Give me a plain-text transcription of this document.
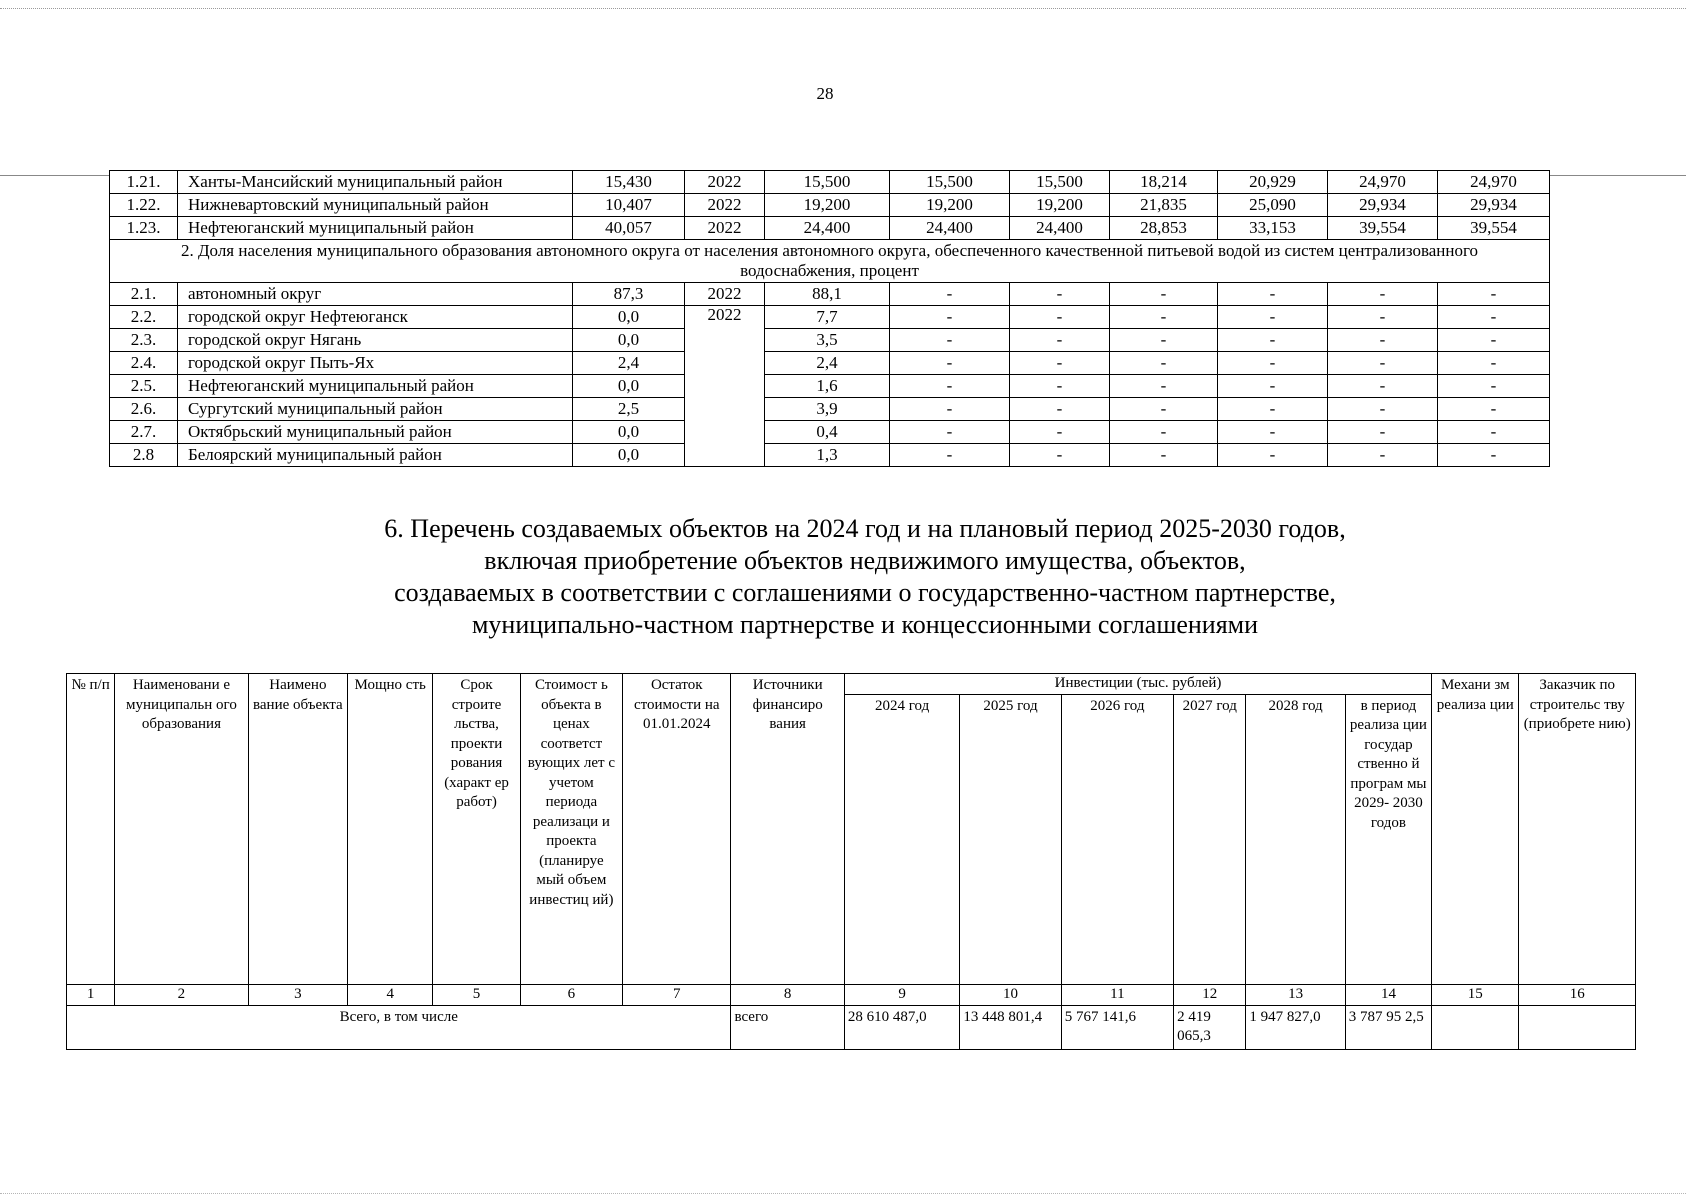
28
1.21.	Ханты-Мансийский муниципальный район	15,430	2022	15,500	15,500	15,500	18,214	20,929	24,970	24,970
1.22.	Нижневартовский муниципальный район	10,407	2022	19,200	19,200	19,200	21,835	25,090	29,934	29,934
1.23.	Нефтеюганский муниципальный район	40,057	2022	24,400	24,400	24,400	28,853	33,153	39,554	39,554
2. Доля населения муниципального образования автономного округа от населения автономного округа, обеспеченного качественной питьевой водой из систем централизованного водоснабжения, процент										
2.1.	автономный округ	87,3	2022	88,1	-	-	-	-	-	-
2.2.	городской округ Нефтеюганск	0,0	2022	7,7	-	-	-	-	-	-
2.3.	городской округ Нягань	0,0		3,5	-	-	-	-	-	-
2.4.	городской округ Пыть-Ях	2,4		2,4	-	-	-	-	-	-
2.5.	Нефтеюганский муниципальный район	0,0		1,6	-	-	-	-	-	-
2.6.	Сургутский муниципальный район	2,5		3,9	-	-	-	-	-	-
2.7.	Октябрьский муниципальный район	0,0		0,4	-	-	-	-	-	-
2.8	Белоярский муниципальный район	0,0		1,3	-	-	-	-	-	-
6. Перечень создаваемых объектов на 2024 год и на плановый период 2025-2030 годов,
включая приобретение объектов недвижимого имущества, объектов,
создаваемых в соответствии с соглашениями о государственно-частном партнерстве,
муниципально-частном партнерстве и концессионными соглашениями
№ п/п	Наименовани е муниципальн ого образования	Наимено вание объекта	Мощно сть	Срок строите льства, проекти рования (характ ер работ)	Стоимост ь объекта в ценах соответст вующих лет с учетом периода реализаци и проекта (планируе мый объем инвестиц ий)	Остаток стоимости на 01.01.2024	Источники финансиро вания	Инвестиции (тыс. рублей)						Механи зм реализа ции	Заказчик по строительс тву (приобрете нию)
								2024 год	2025 год	2026 год	2027 год	2028 год	в период реализа ции государ ственно й програм мы 2029- 2030 годов		
1	2	3	4	5	6	7	8	9	10	11	12	13	14	15	16
Всего, в том числе							всего	28 610 487,0	13 448 801,4	5 767 141,6	2 419 065,3	1 947 827,0	3 787 95 2,5		
